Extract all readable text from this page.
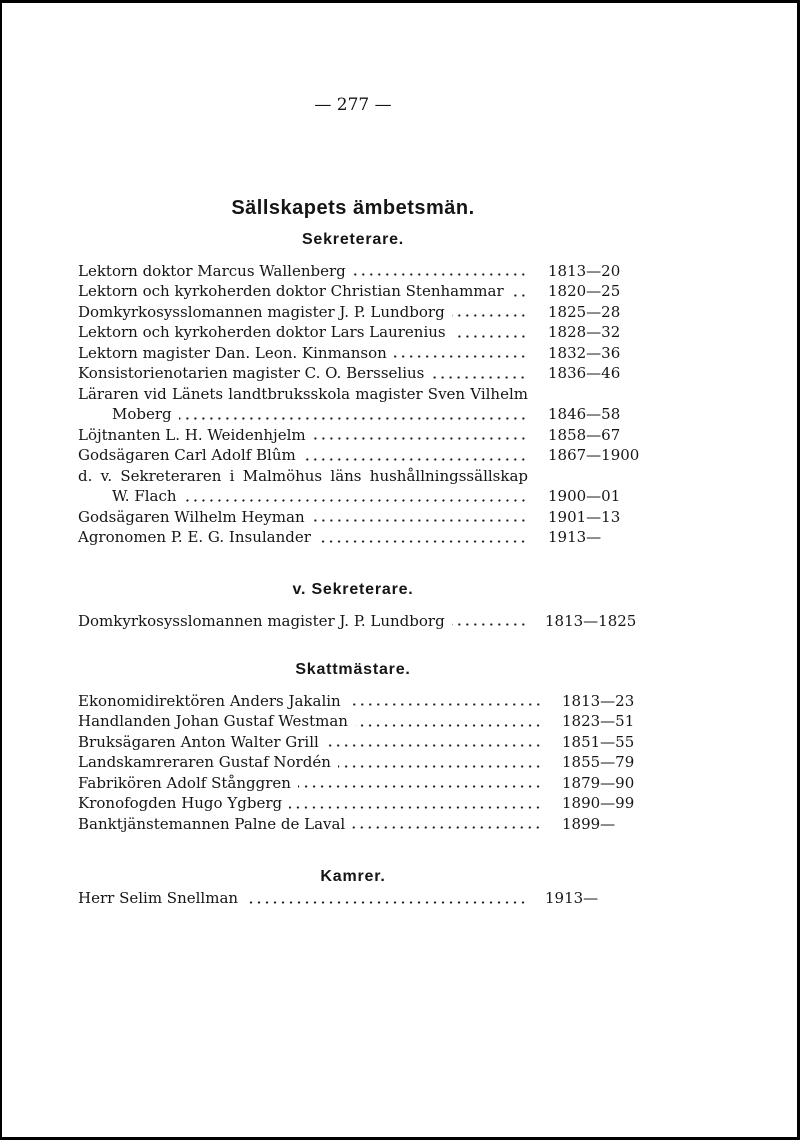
— 277 —
Sällskapets ämbetsmän.
Sekreterare.
Lektorn doktor Marcus Wallenberg	1813—20
Lektorn och kyrkoherden doktor Christian Stenhammar	1820—25
Domkyrkosysslomannen magister J. P. Lundborg	1825—28
Lektorn och kyrkoherden doktor Lars Laurenius	1828—32
Lektorn magister Dan. Leon. Kinmanson	1832—36
Konsistorienotarien magister C. O. Bersselius	1836—46
Läraren vid Länets landtbruksskola magister Sven Vilhelm
Moberg	1846—58
Löjtnanten L. H. Weidenhjelm	1858—67
Godsägaren Carl Adolf Blûm	1867—1900
d. v. Sekreteraren i Malmöhus läns hushållningssällskap
W. Flach	1900—01
Godsägaren Wilhelm Heyman	1901—13
Agronomen P. E. G. Insulander	1913—
v. Sekreterare.
Domkyrkosysslomannen magister J. P. Lundborg	1813—1825
Skattmästare.
Ekonomidirektören Anders Jakalin	1813—23
Handlanden Johan Gustaf Westman	1823—51
Bruksägaren Anton Walter Grill	1851—55
Landskamreraren Gustaf Nordén	1855—79
Fabrikören Adolf Stånggren	1879—90
Kronofogden Hugo Ygberg	1890—99
Banktjänstemannen Palne de Laval	1899—
Kamrer.
Herr Selim Snellman	1913—
